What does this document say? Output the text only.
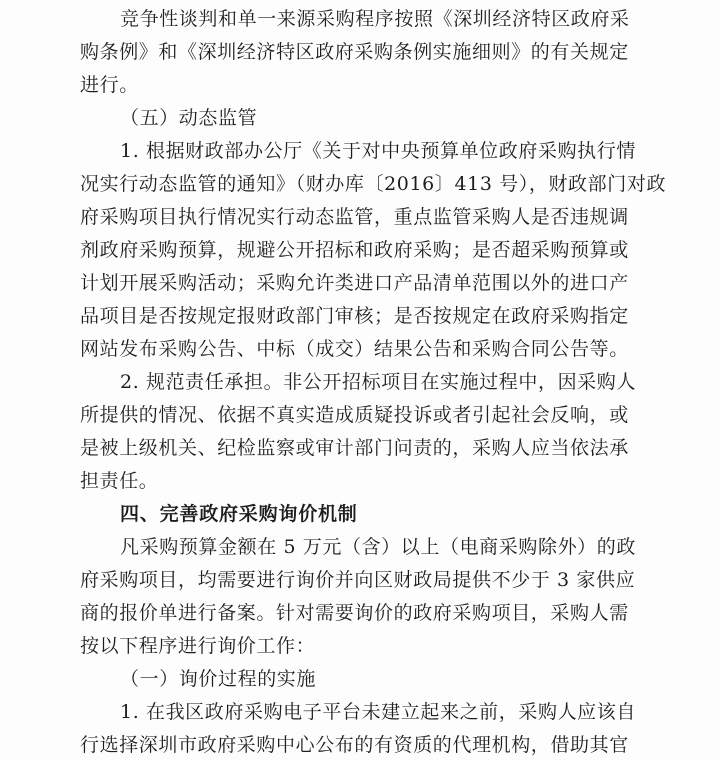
竞争性谈判和单一来源采购程序按照《深圳经济特区政府采
购条例》和《深圳经济特区政府采购条例实施细则》的有关规定
进行。
（五）动态监管
1. 根据财政部办公厅《关于对中央预算单位政府采购执行情
况实行动态监管的通知》（财办库〔2016〕413 号），财政部门对政
府采购项目执行情况实行动态监管，重点监管采购人是否违规调
剂政府采购预算，规避公开招标和政府采购；是否超采购预算或
计划开展采购活动；采购允许类进口产品清单范围以外的进口产
品项目是否按规定报财政部门审核；是否按规定在政府采购指定
网站发布采购公告、中标（成交）结果公告和采购合同公告等。
2. 规范责任承担。非公开招标项目在实施过程中，因采购人
所提供的情况、依据不真实造成质疑投诉或者引起社会反响，或
是被上级机关、纪检监察或审计部门问责的，采购人应当依法承
担责任。
四、完善政府采购询价机制
凡采购预算金额在 5 万元（含）以上（电商采购除外）的政
府采购项目，均需要进行询价并向区财政局提供不少于 3 家供应
商的报价单进行备案。针对需要询价的政府采购项目，采购人需
按以下程序进行询价工作：
（一）询价过程的实施
1. 在我区政府采购电子平台未建立起来之前，采购人应该自
行选择深圳市政府采购中心公布的有资质的代理机构，借助其官
